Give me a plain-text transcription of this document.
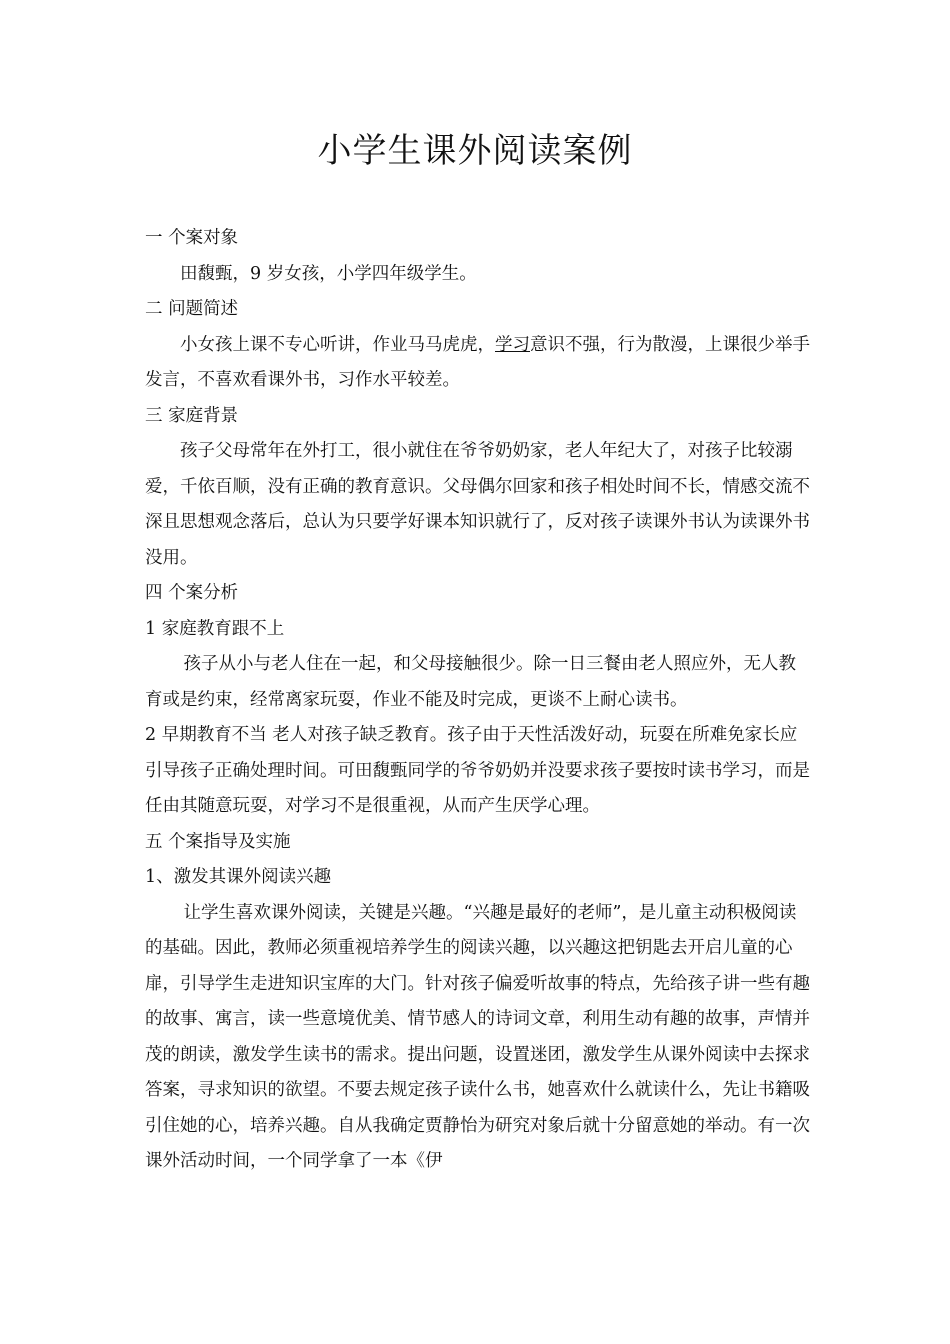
小学生课外阅读案例

一 个案对象

田馥甄，9 岁女孩，小学四年级学生。

二 问题简述

小女孩上课不专心听讲，作业马马虎虎，学习意识不强，行为散漫，上课很少举手发言，不喜欢看课外书，习作水平较差。

三 家庭背景

孩子父母常年在外打工，很小就住在爷爷奶奶家，老人年纪大了，对孩子比较溺爱，千依百顺，没有正确的教育意识。父母偶尔回家和孩子相处时间不长，情感交流不深且思想观念落后，总认为只要学好课本知识就行了，反对孩子读课外书认为读课外书没用。

四 个案分析

1 家庭教育跟不上

孩子从小与老人住在一起，和父母接触很少。除一日三餐由老人照应外，无人教育或是约束，经常离家玩耍，作业不能及时完成，更谈不上耐心读书。

2 早期教育不当 老人对孩子缺乏教育。孩子由于天性活泼好动，玩耍在所难免家长应引导孩子正确处理时间。可田馥甄同学的爷爷奶奶并没要求孩子要按时读书学习，而是任由其随意玩耍，对学习不是很重视，从而产生厌学心理。

五 个案指导及实施

1、激发其课外阅读兴趣

让学生喜欢课外阅读，关键是兴趣。“兴趣是最好的老师”，是儿童主动积极阅读的基础。因此，教师必须重视培养学生的阅读兴趣，以兴趣这把钥匙去开启儿童的心扉，引导学生走进知识宝库的大门。针对孩子偏爱听故事的特点，先给孩子讲一些有趣的故事、寓言，读一些意境优美、情节感人的诗词文章，利用生动有趣的故事，声情并茂的朗读，激发学生读书的需求。提出问题，设置迷团，激发学生从课外阅读中去探求答案，寻求知识的欲望。不要去规定孩子读什么书，她喜欢什么就读什么，先让书籍吸引住她的心，培养兴趣。自从我确定贾静怡为研究对象后就十分留意她的举动。有一次课外活动时间，一个同学拿了一本《伊
